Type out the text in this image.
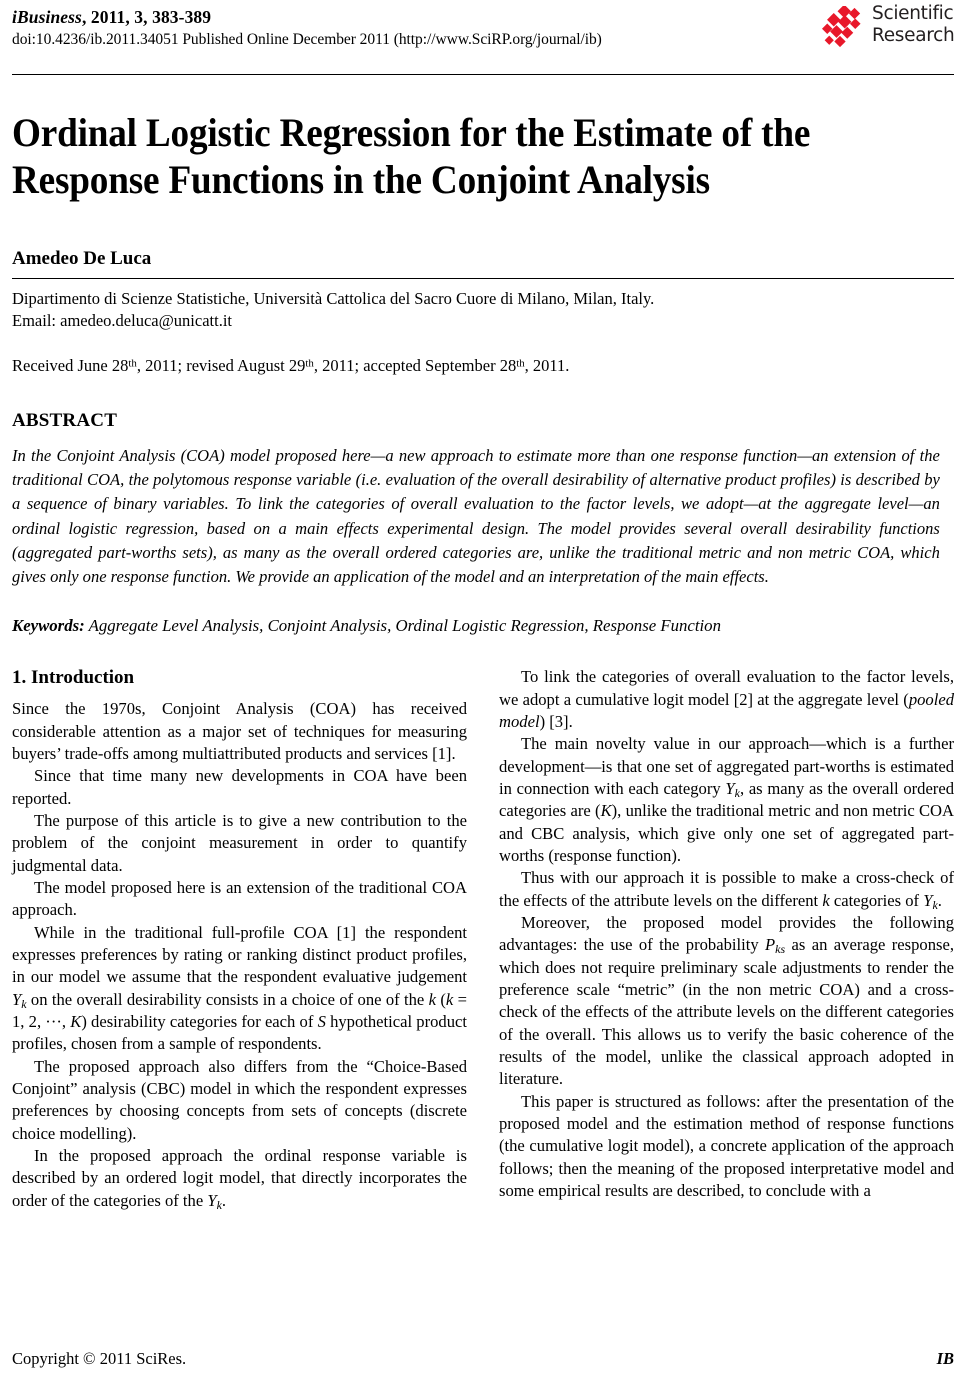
iBusiness, 2011, 3, 383-389
doi:10.4236/ib.2011.34051 Published Online December 2011 (http://www.SciRP.org/journal/ib)
Scientific
Research
Ordinal Logistic Regression for the Estimate of the Response Functions in the Conjoint Analysis
Amedeo De Luca
Dipartimento di Scienze Statistiche, Università Cattolica del Sacro Cuore di Milano, Milan, Italy.
Email: amedeo.deluca@unicatt.it
Received June 28th, 2011; revised August 29th, 2011; accepted September 28th, 2011.
ABSTRACT
In the Conjoint Analysis (COA) model proposed here—a new approach to estimate more than one response function—an extension of the traditional COA, the polytomous response variable (i.e. evaluation of the overall desirability of alternative product profiles) is described by a sequence of binary variables. To link the categories of overall evaluation to the factor levels, we adopt—at the aggregate level—an ordinal logistic regression, based on a main effects experimental design. The model provides several overall desirability functions (aggregated part-worths sets), as many as the overall ordered categories are, unlike the traditional metric and non metric COA, which gives only one response function. We provide an application of the model and an interpretation of the main effects.
Keywords: Aggregate Level Analysis, Conjoint Analysis, Ordinal Logistic Regression, Response Function
1. Introduction

Since the 1970s, Conjoint Analysis (COA) has received considerable attention as a major set of techniques for measuring buyers’ trade-offs among multiattributed products and services [1].

Since that time many new developments in COA have been reported.

The purpose of this article is to give a new contribution to the problem of the conjoint measurement in order to quantify judgmental data.

The model proposed here is an extension of the traditional COA approach.

While in the traditional full-profile COA [1] the respondent expresses preferences by rating or ranking distinct product profiles, in our model we assume that the respondent evaluative judgement $Y_k$ on the overall desirability consists in a choice of one of the k (k = 1, 2, ···, K) desirability categories for each of S hypothetical product profiles, chosen from a sample of respondents.

The proposed approach also differs from the “Choice-Based Conjoint” analysis (CBC) model in which the respondent expresses preferences by choosing concepts from sets of concepts (discrete choice modelling).

In the proposed approach the ordinal response variable is described by an ordered logit model, that directly incorporates the order of the categories of the $Y_k$.

To link the categories of overall evaluation to the factor levels, we adopt a cumulative logit model [2] at the aggregate level (pooled model) [3].

The main novelty value in our approach—which is a further development—is that one set of aggregated part-worths is estimated in connection with each category $Y_k$, as many as the overall ordered categories are (K), unlike the traditional metric and non metric COA and CBC analysis, which give only one set of aggregated part-worths (response function).

Thus with our approach it is possible to make a cross-check of the effects of the attribute levels on the different k categories of $Y_k$.

Moreover, the proposed model provides the following advantages: the use of the probability $P_{ks}$ as an average response, which does not require preliminary scale adjustments to render the preference scale “metric” (in the non metric COA) and a cross-check of the effects of the attribute levels on the different categories of the overall. This allows us to verify the basic coherence of the results of the model, unlike the classical approach adopted in literature.

This paper is structured as follows: after the presentation of the proposed model and the estimation method of response functions (the cumulative logit model), a concrete application of the approach follows; then the meaning of the proposed interpretative model and some empirical results are described, to conclude with a

Copyright © 2011 SciRes.	IB
